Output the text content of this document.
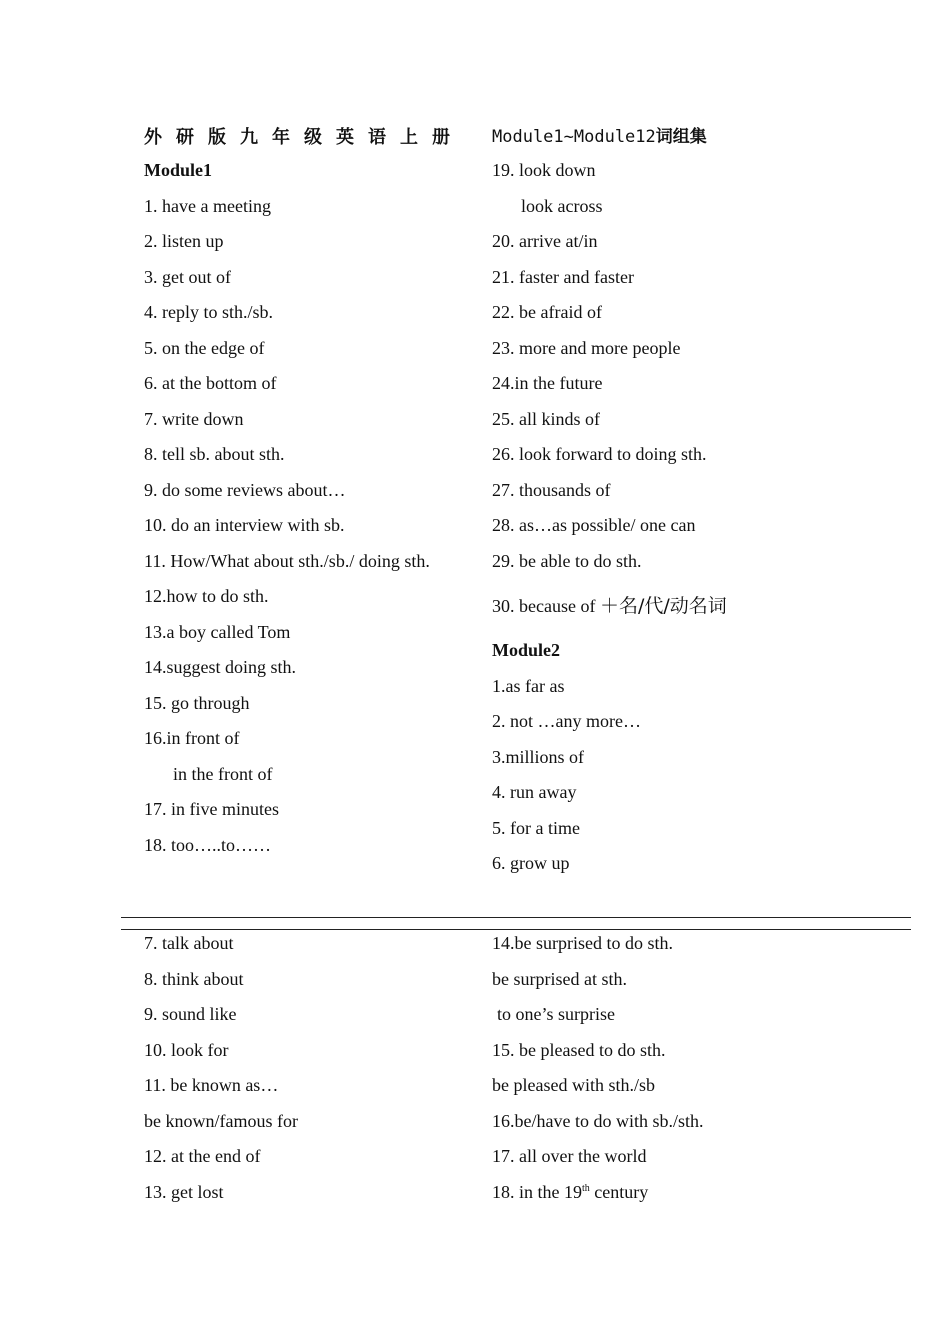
外研版九年级英语上册 Module1~Module12词组集
Module1
1. have a meeting
2. listen up
3. get out of
4. reply to sth./sb.
5. on the edge of
6. at the bottom of
7. write down
8. tell sb. about sth.
9. do some reviews about…
10. do an interview with sb.
11. How/What about sth./sb./ doing sth.
12.how to do sth.
13.a boy called Tom
14.suggest doing sth.
15. go through
16.in front of
in the front of
17. in five minutes
18. too…..to……
19. look down
look across
20. arrive at/in
21. faster and faster
22. be afraid of
23. more and more people
24.in the future
25. all kinds of
26. look forward to doing sth.
27. thousands of
28. as…as possible/ one can
29. be able to do sth.
30. because of ＋名/代/动名词
Module2
1.as far as
2. not …any more…
3.millions of
4. run away
5. for a time
6. grow up
7. talk about
8. think about
9. sound like
10. look for
11. be known as…
be known/famous for
12. at the end of
13. get lost
14.be surprised to do sth.
be surprised at sth.
to one’s surprise
15. be pleased to do sth.
be pleased with sth./sb
16.be/have to do with sb./sth.
17. all over the world
18. in the 19th century
